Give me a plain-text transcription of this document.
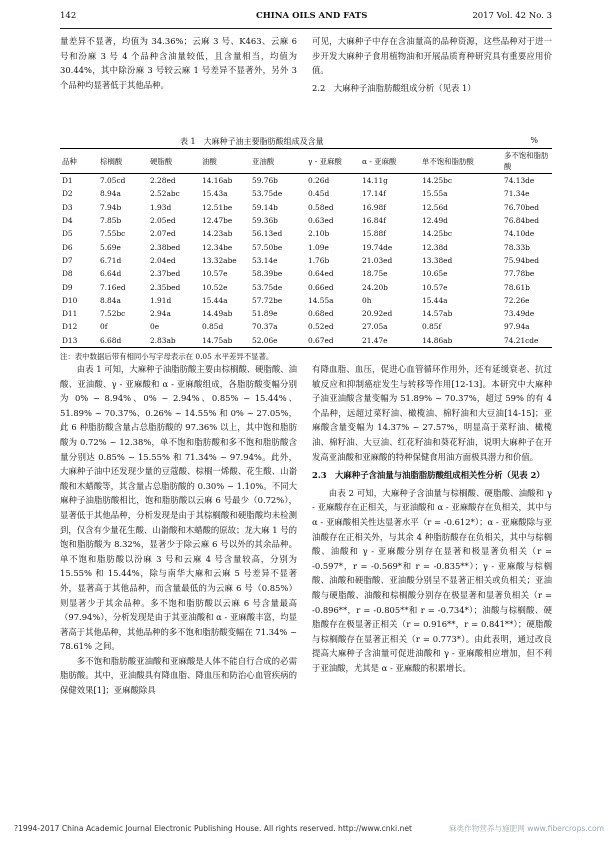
142	CHINA OILS AND FATS	2017 Vol. 42 No. 3

量差异不显著，均值为 34.36%；云麻 3 号、K463、云麻 6 号和汾麻 3 号 4 个品种含油量较低，且含量相当，均值为 30.44%，其中除汾麻 3 号较云麻 1 号差异不显著外，另外 3 个品种均显著低于其他品种。

可见，大麻种子中存在含油量高的品种资源，这些品种对于进一步开发大麻种子食用植物油和开展品质育种研究具有重要应用价值。

2.2　大麻种子油脂肪酸组成分析（见表 1）

表 1　大麻种子油主要脂肪酸组成及含量	%
品种	棕榈酸	硬脂酸	油酸	亚油酸	γ - 亚麻酸	α - 亚麻酸	单不饱和脂肪酸	多不饱和脂肪酸
D1	7.05cd	2.28ed	14.16ab	59.76b	0.26d	14.11g	14.25bc	74.13de
D2	8.94a	2.52abc	15.43a	53.75de	0.45d	17.14f	15.55a	71.34e
D3	7.94b	1.93d	12.51be	59.14b	0.58ed	16.98f	12.56d	76.70bed
D4	7.85b	2.05ed	12.47be	59.36b	0.63ed	16.84f	12.49d	76.84bed
D5	7.55bc	2.07ed	14.23ab	56.13ed	2.10b	15.88f	14.25bc	74.10de
D6	5.69e	2.38bed	12.34be	57.50be	1.09e	19.74de	12.38d	78.33b
D7	6.71d	2.04ed	13.32abe	53.14e	1.76b	21.03ed	13.38ed	75.94bed
D8	6.64d	2.37bed	10.57e	58.39be	0.64ed	18.75e	10.65e	77.78be
D9	7.16ed	2.35bed	10.52e	53.75de	0.66ed	24.20b	10.57e	78.61b
D10	8.84a	1.91d	15.44a	57.72be	14.55a	0h	15.44a	72.26e
D11	7.52bc	2.94a	14.49ab	51.89e	0.68ed	20.92ed	14.57ab	73.49de
D12	0f	0e	0.85d	70.37a	0.52ed	27.05a	0.85f	97.94a
D13	6.68d	2.83ab	14.75ab	52.06e	0.67ed	21.47e	14.86ab	74.21cde
注：表中数据后带有相同小写字母表示在 0.05 水平差异不显著。

由表 1 可知，大麻种子油脂肪酸主要由棕榈酸、硬脂酸、油酸、亚油酸、γ - 亚麻酸和 α - 亚麻酸组成，各脂肪酸变幅分别为 0% ~ 8.94%、0% ~ 2.94%、0.85% ~ 15.44%、51.89% ~ 70.37%、0.26% ~ 14.55% 和 0% ~ 27.05%，此 6 种脂肪酸含量占总脂肪酸的 97.36% 以上，其中饱和脂肪酸为 0.72% ~ 12.38%，单不饱和脂肪酸和多不饱和脂肪酸含量分别达 0.85% ~ 15.55% 和 71.34% ~ 97.94%。此外，大麻种子油中还发现少量的豆蔻酸、棕榈一烯酸、花生酸、山嵛酸和木蜡酸等，其含量占总脂肪酸的 0.30% ~ 1.10%。不同大麻种子油脂肪酸相比，饱和脂肪酸以云麻 6 号最少（0.72%），显著低于其他品种，分析发现是由于其棕榈酸和硬脂酸均未检测到，仅含有少量花生酸、山嵛酸和木蜡酸的原故；龙大麻 1 号的饱和脂肪酸为 8.32%，显著少于除云麻 6 号以外的其余品种。单不饱和脂肪酸以汾麻 3 号和云麻 4 号含量较高，分别为 15.55% 和 15.44%，除与南华大麻和云麻 5 号差异不显著外，显著高于其他品种，而含量最低的为云麻 6 号（0.85%）则显著少于其余品种。多不饱和脂肪酸以云麻 6 号含量最高（97.94%），分析发现是由于其亚油酸和 α - 亚麻酸丰富，均显著高于其他品种，其他品种的多不饱和脂肪酸变幅在 71.34% ~ 78.61% 之间。

多不饱和脂肪酸亚油酸和亚麻酸是人体不能自行合成的必需脂肪酸。其中，亚油酸具有降血脂、降血压和防治心血管疾病的保健效果[1]；亚麻酸除具

有降血脂、血压，促进心血管循环作用外，还有延缓衰老、抗过敏反应和抑制癌症发生与转移等作用[12-13]。本研究中大麻种子油亚油酸含量变幅为 51.89% ~ 70.37%，超过 59% 的有 4 个品种，远超过菜籽油、橄榄油、棉籽油和大豆油[14-15]；亚麻酸含量变幅为 14.37% ~ 27.57%，明显高于菜籽油、橄榄油、棉籽油、大豆油、红花籽油和葵花籽油，说明大麻种子在开发高亚油酸和亚麻酸的特种保健食用油方面极具潜力和价值。

2.3　大麻种子含油量与油脂脂肪酸组成相关性分析（见表 2）

由表 2 可知，大麻种子含油量与棕榈酸、硬脂酸、油酸和 γ - 亚麻酸存在正相关，与亚油酸和 α - 亚麻酸存在负相关，其中与 α - 亚麻酸相关性达显著水平（r = -0.612*）；α - 亚麻酸除与亚油酸存在正相关外，与其余 4 种脂肪酸存在负相关，其中与棕榈酸、油酸和 γ - 亚麻酸分别存在显著和极显著负相关（r = -0.597*，r = -0.569*和 r = -0.835**）；γ - 亚麻酸与棕榈酸、油酸和硬脂酸、亚油酸分别呈不显著正相关或负相关；亚油酸与硬脂酸、油酸和棕榈酸分别存在极显著和显著负相关（r = -0.896**，r = -0.805**和 r = -0.734*）；油酸与棕榈酸、硬脂酸存在极显著正相关（r = 0.916**，r = 0.841**）；硬脂酸与棕榈酸存在显著正相关（r = 0.773*）。由此表明，通过改良提高大麻种子含油量可促进油酸和 γ - 亚麻酸相应增加，但不利于亚油酸，尤其是 α - 亚麻酸的积累增长。

?1994-2017 China Academic Journal Electronic Publishing House. All rights reserved. http://www.cnki.net	麻类作物营养与施肥网 www.fibercrops.com
